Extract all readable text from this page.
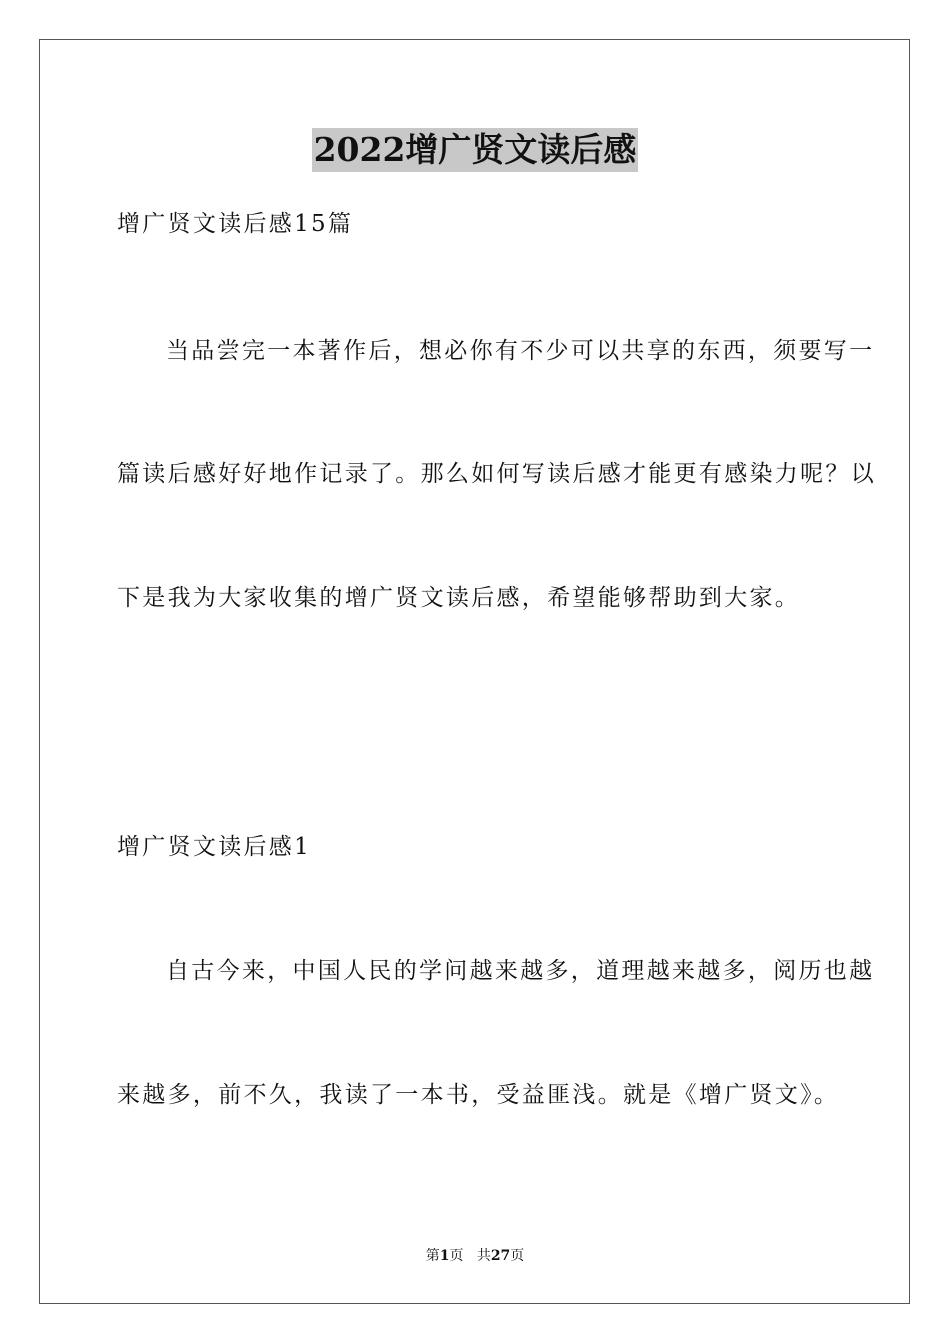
2022增广贤文读后感
增广贤文读后感15篇
当品尝完一本著作后，想必你有不少可以共享的东西，须要写一
篇读后感好好地作记录了。那么如何写读后感才能更有感染力呢？以
下是我为大家收集的增广贤文读后感，希望能够帮助到大家。
增广贤文读后感1
自古今来，中国人民的学问越来越多，道理越来越多，阅历也越
来越多，前不久，我读了一本书，受益匪浅。就是《增广贤文》。
第1页 共27页
